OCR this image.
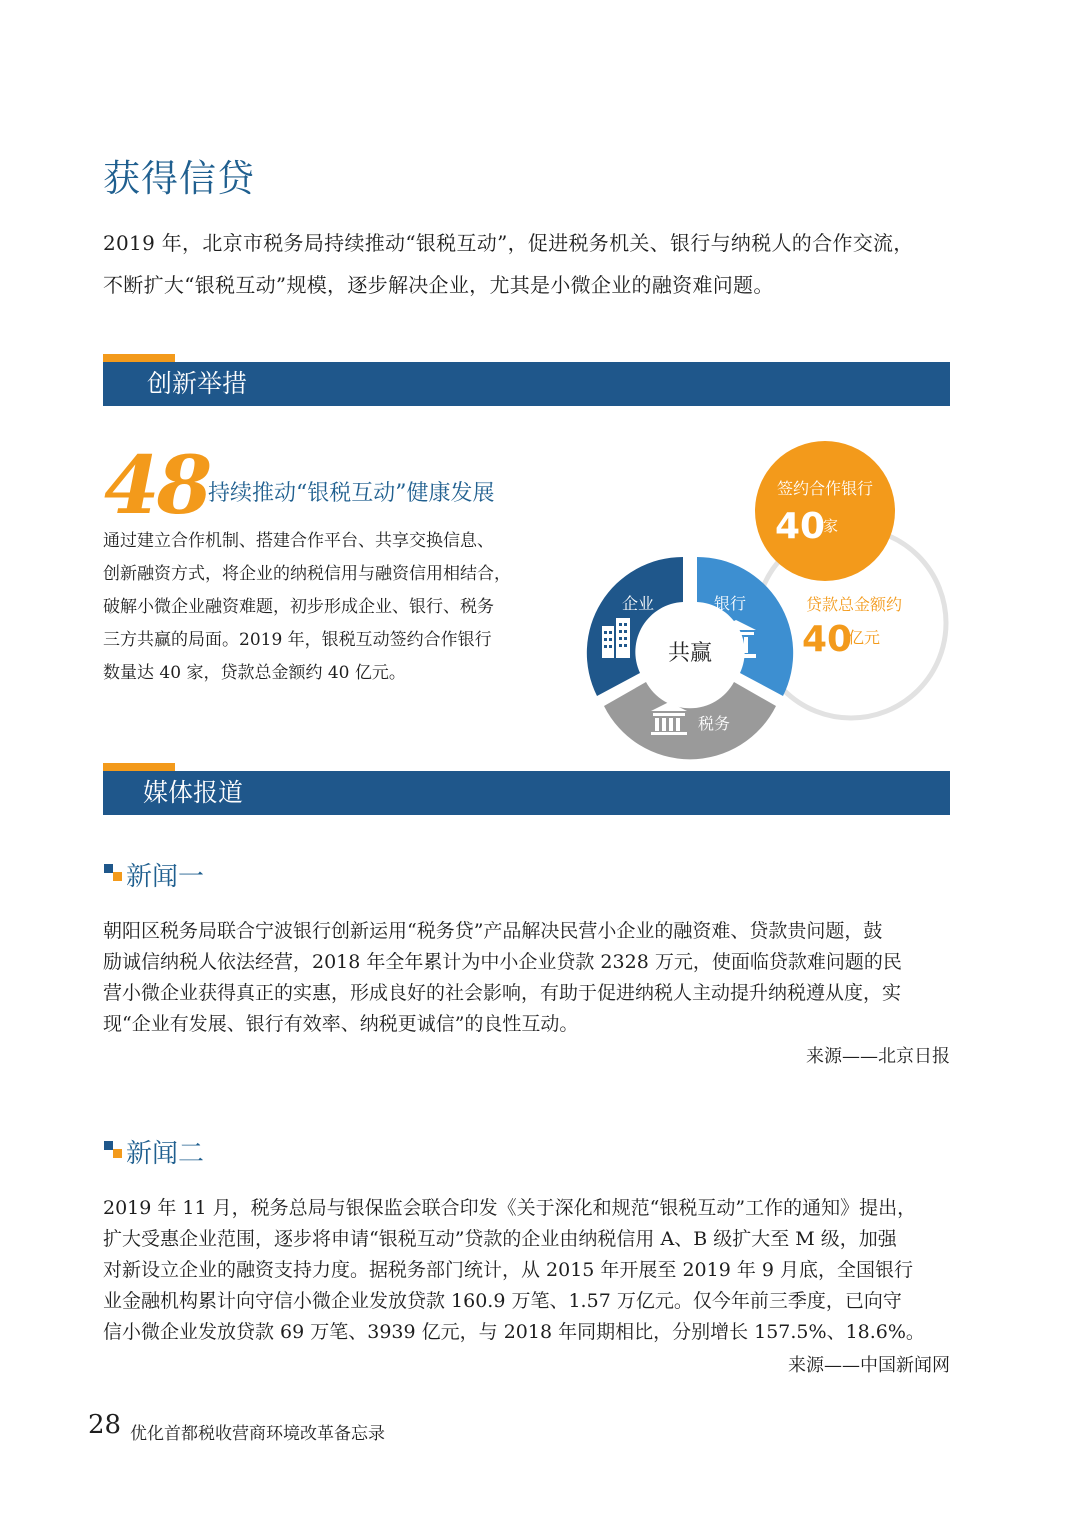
获得信贷

2019 年，北京市税务局持续推动“银税互动”，促进税务机关、银行与纳税人的合作交流，

不断扩大“银税互动”规模，逐步解决企业，尤其是小微企业的融资难问题。

创新举措
48
持续推动“银税互动”健康发展

通过建立合作机制、搭建合作平台、共享交换信息、

创新融资方式，将企业的纳税信用与融资信用相结合，

破解小微企业融资难题，初步形成企业、银行、税务

三方共赢的局面。2019 年，银税互动签约合作银行

数量达 40 家，贷款总金额约 40 亿元。

签约合作银行
40
家
贷款总金额约
40
亿元
共赢
企业	银行
税务
媒体报道
新闻一

朝阳区税务局联合宁波银行创新运用“税务贷”产品解决民营小企业的融资难、贷款贵问题，鼓

励诚信纳税人依法经营，2018 年全年累计为中小企业贷款 2328 万元，使面临贷款难问题的民

营小微企业获得真正的实惠，形成良好的社会影响，有助于促进纳税人主动提升纳税遵从度，实

现“企业有发展、银行有效率、纳税更诚信”的良性互动。

来源——北京日报
新闻二

2019 年 11 月，税务总局与银保监会联合印发《关于深化和规范“银税互动”工作的通知》提出，

扩大受惠企业范围，逐步将申请“银税互动”贷款的企业由纳税信用 A、B 级扩大至 M 级，加强

对新设立企业的融资支持力度。据税务部门统计，从 2015 年开展至 2019 年 9 月底，全国银行

业金融机构累计向守信小微企业发放贷款 160.9 万笔、1.57 万亿元。仅今年前三季度，已向守

信小微企业发放贷款 69 万笔、3939 亿元，与 2018 年同期相比，分别增长 157.5%、18.6%。

来源——中国新闻网
28 优化首都税收营商环境改革备忘录
